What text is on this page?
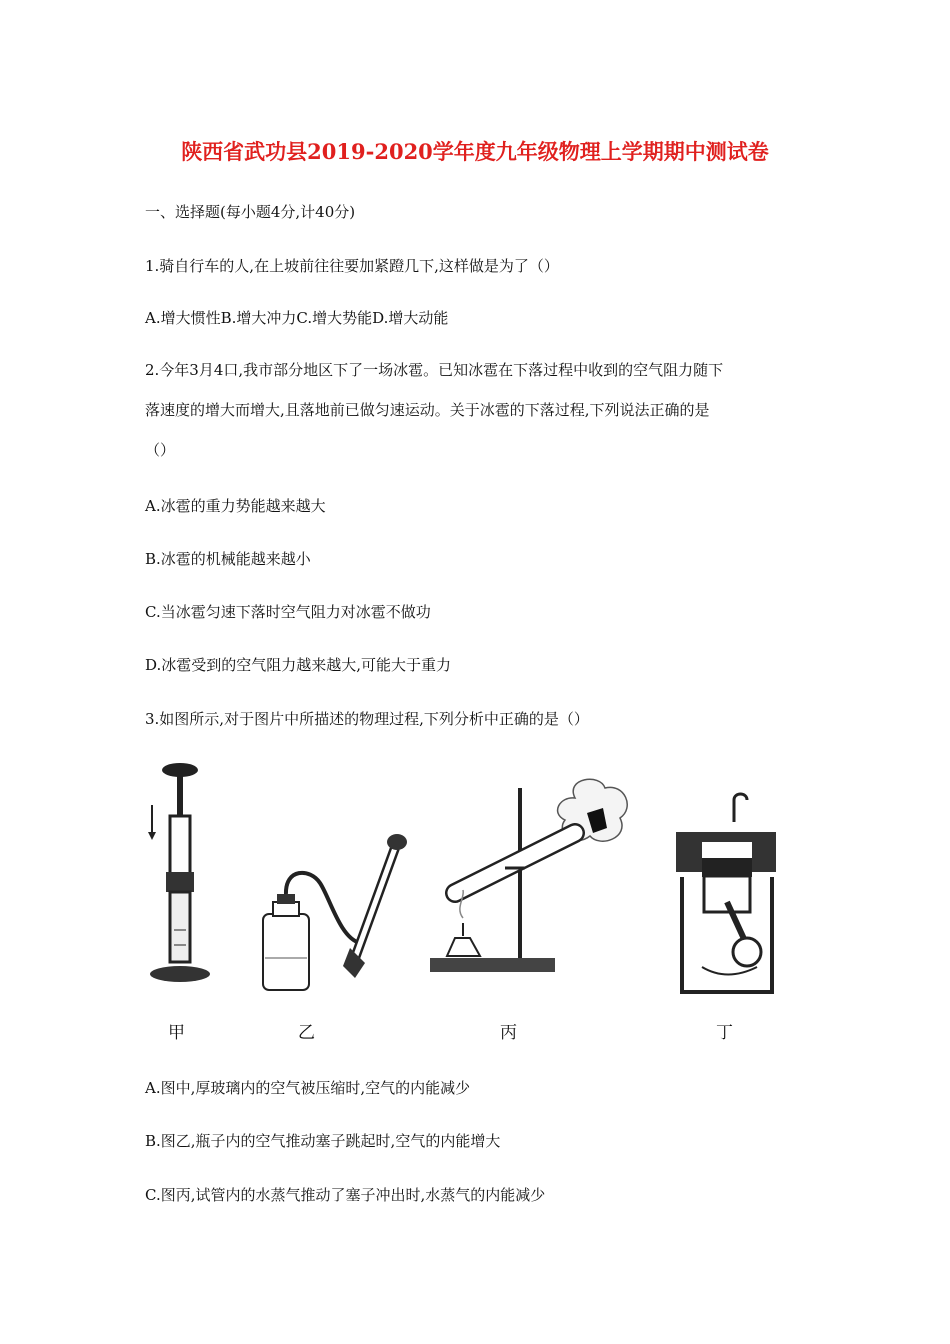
陕西省武功县2019-2020学年度九年级物理上学期期中测试卷
一、选择题(每小题4分,计40分)
1.骑自行车的人,在上坡前往往要加紧蹬几下,这样做是为了（）
A.增大惯性B.增大冲力C.增大势能D.增大动能
2.今年3月4口,我市部分地区下了一场冰雹。已知冰雹在下落过程中收到的空气阻力随下
落速度的增大而增大,且落地前已做匀速运动。关于冰雹的下落过程,下列说法正确的是
（）
A.冰雹的重力势能越来越大
B.冰雹的机械能越来越小
C.当冰雹匀速下落时空气阻力对冰雹不做功
D.冰雹受到的空气阻力越来越大,可能大于重力
3.如图所示,对于图片中所描述的物理过程,下列分析中正确的是（）
甲	乙	丙	丁
A.图中,厚玻璃内的空气被压缩时,空气的内能减少
B.图乙,瓶子内的空气推动塞子跳起时,空气的内能增大
C.图丙,试管内的水蒸气推动了塞子冲出时,水蒸气的内能减少
